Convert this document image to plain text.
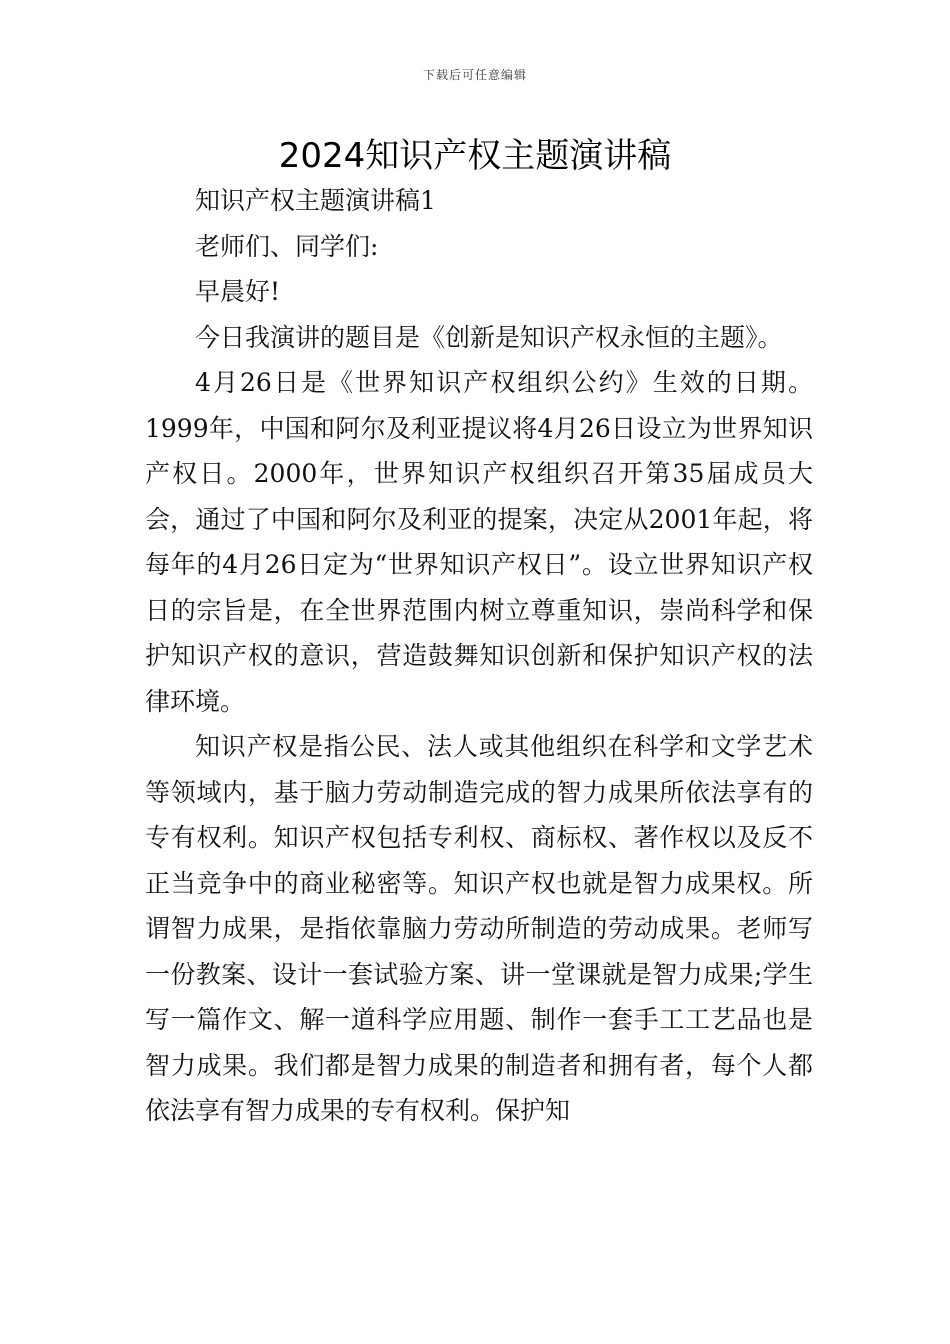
下载后可任意编辑
2024知识产权主题演讲稿

知识产权主题演讲稿1

老师们、同学们:

早晨好!

今日我演讲的题目是《创新是知识产权永恒的主题》。

4月26日是《世界知识产权组织公约》生效的日期。1999年，中国和阿尔及利亚提议将4月26日设立为世界知识产权日。2000年，世界知识产权组织召开第35届成员大会，通过了中国和阿尔及利亚的提案，决定从2001年起，将每年的4月26日定为“世界知识产权日”。设立世界知识产权日的宗旨是，在全世界范围内树立尊重知识，崇尚科学和保护知识产权的意识，营造鼓舞知识创新和保护知识产权的法律环境。

知识产权是指公民、法人或其他组织在科学和文学艺术等领域内，基于脑力劳动制造完成的智力成果所依法享有的专有权利。知识产权包括专利权、商标权、著作权以及反不正当竞争中的商业秘密等。知识产权也就是智力成果权。所谓智力成果，是指依靠脑力劳动所制造的劳动成果。老师写一份教案、设计一套试验方案、讲一堂课就是智力成果;学生写一篇作文、解一道科学应用题、制作一套手工工艺品也是智力成果。我们都是智力成果的制造者和拥有者，每个人都依法享有智力成果的专有权利。保护知
